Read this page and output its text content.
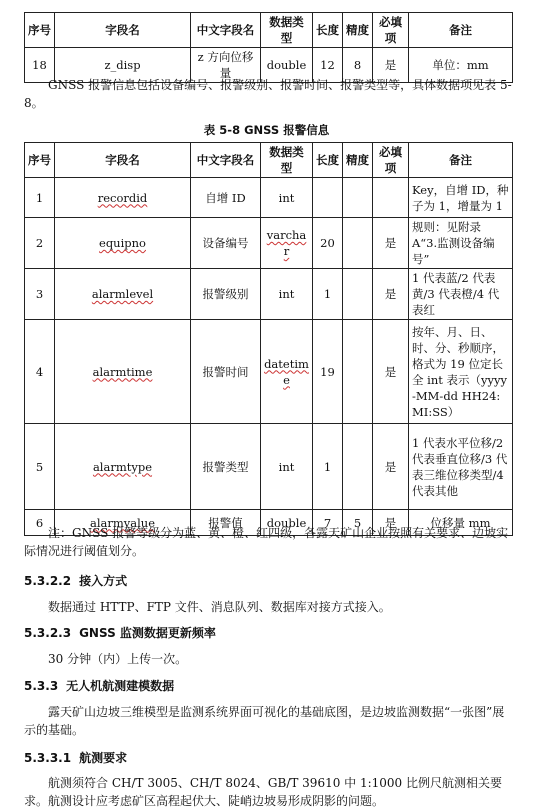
序号	字段名	中文字段名	数据类型	长度	精度	必填项	备注
18	z_disp	z 方向位移量	double	12	8	是	单位：mm
GNSS 报警信息包括设备编号、报警级别、报警时间、报警类型等，具体数据项见表 5-8。
表 5-8 GNSS 报警信息
序号	字段名	中文字段名	数据类型	长度	精度	必填项	备注
1	recordid	自增 ID	int				Key，自增 ID，种子为 1，增量为 1
2	equipno	设备编号	varchar	20		是	规则：见附录 A“3.监测设备编号”
3	alarmlevel	报警级别	int	1		是	1 代表蓝/2 代表黄/3 代表橙/4 代表红
4	alarmtime	报警时间	datetime	19		是	按年、月、日、时、分、秒顺序，格式为 19 位定长 全 int 表示（yyyy-MM-dd HH24:MI:SS）
5	alarmtype	报警类型	int	1		是	1 代表水平位移/2 代表垂直位移/3 代表三维位移类型/4 代表其他
6	alarmvalue	报警值	double	7	5	是	位移量 mm
注：GNSS 报警等级分为蓝、黄、橙、红四级，各露天矿山企业按照有关要求、边坡实际情况进行阈值划分。
5.3.2.2 接入方式
数据通过 HTTP、FTP 文件、消息队列、数据库对接方式接入。
5.3.2.3 GNSS 监测数据更新频率
30 分钟（内）上传一次。
5.3.3 无人机航测建模数据
露天矿山边坡三维模型是监测系统界面可视化的基础底图，是边坡监测数据“一张图”展示的基础。
5.3.3.1 航测要求
航测须符合 CH/T 3005、CH/T 8024、GB/T 39610 中 1:1000 比例尺航测相关要求。航测设计应考虑矿区高程起伏大、陡峭边坡易形成阴影的问题。
